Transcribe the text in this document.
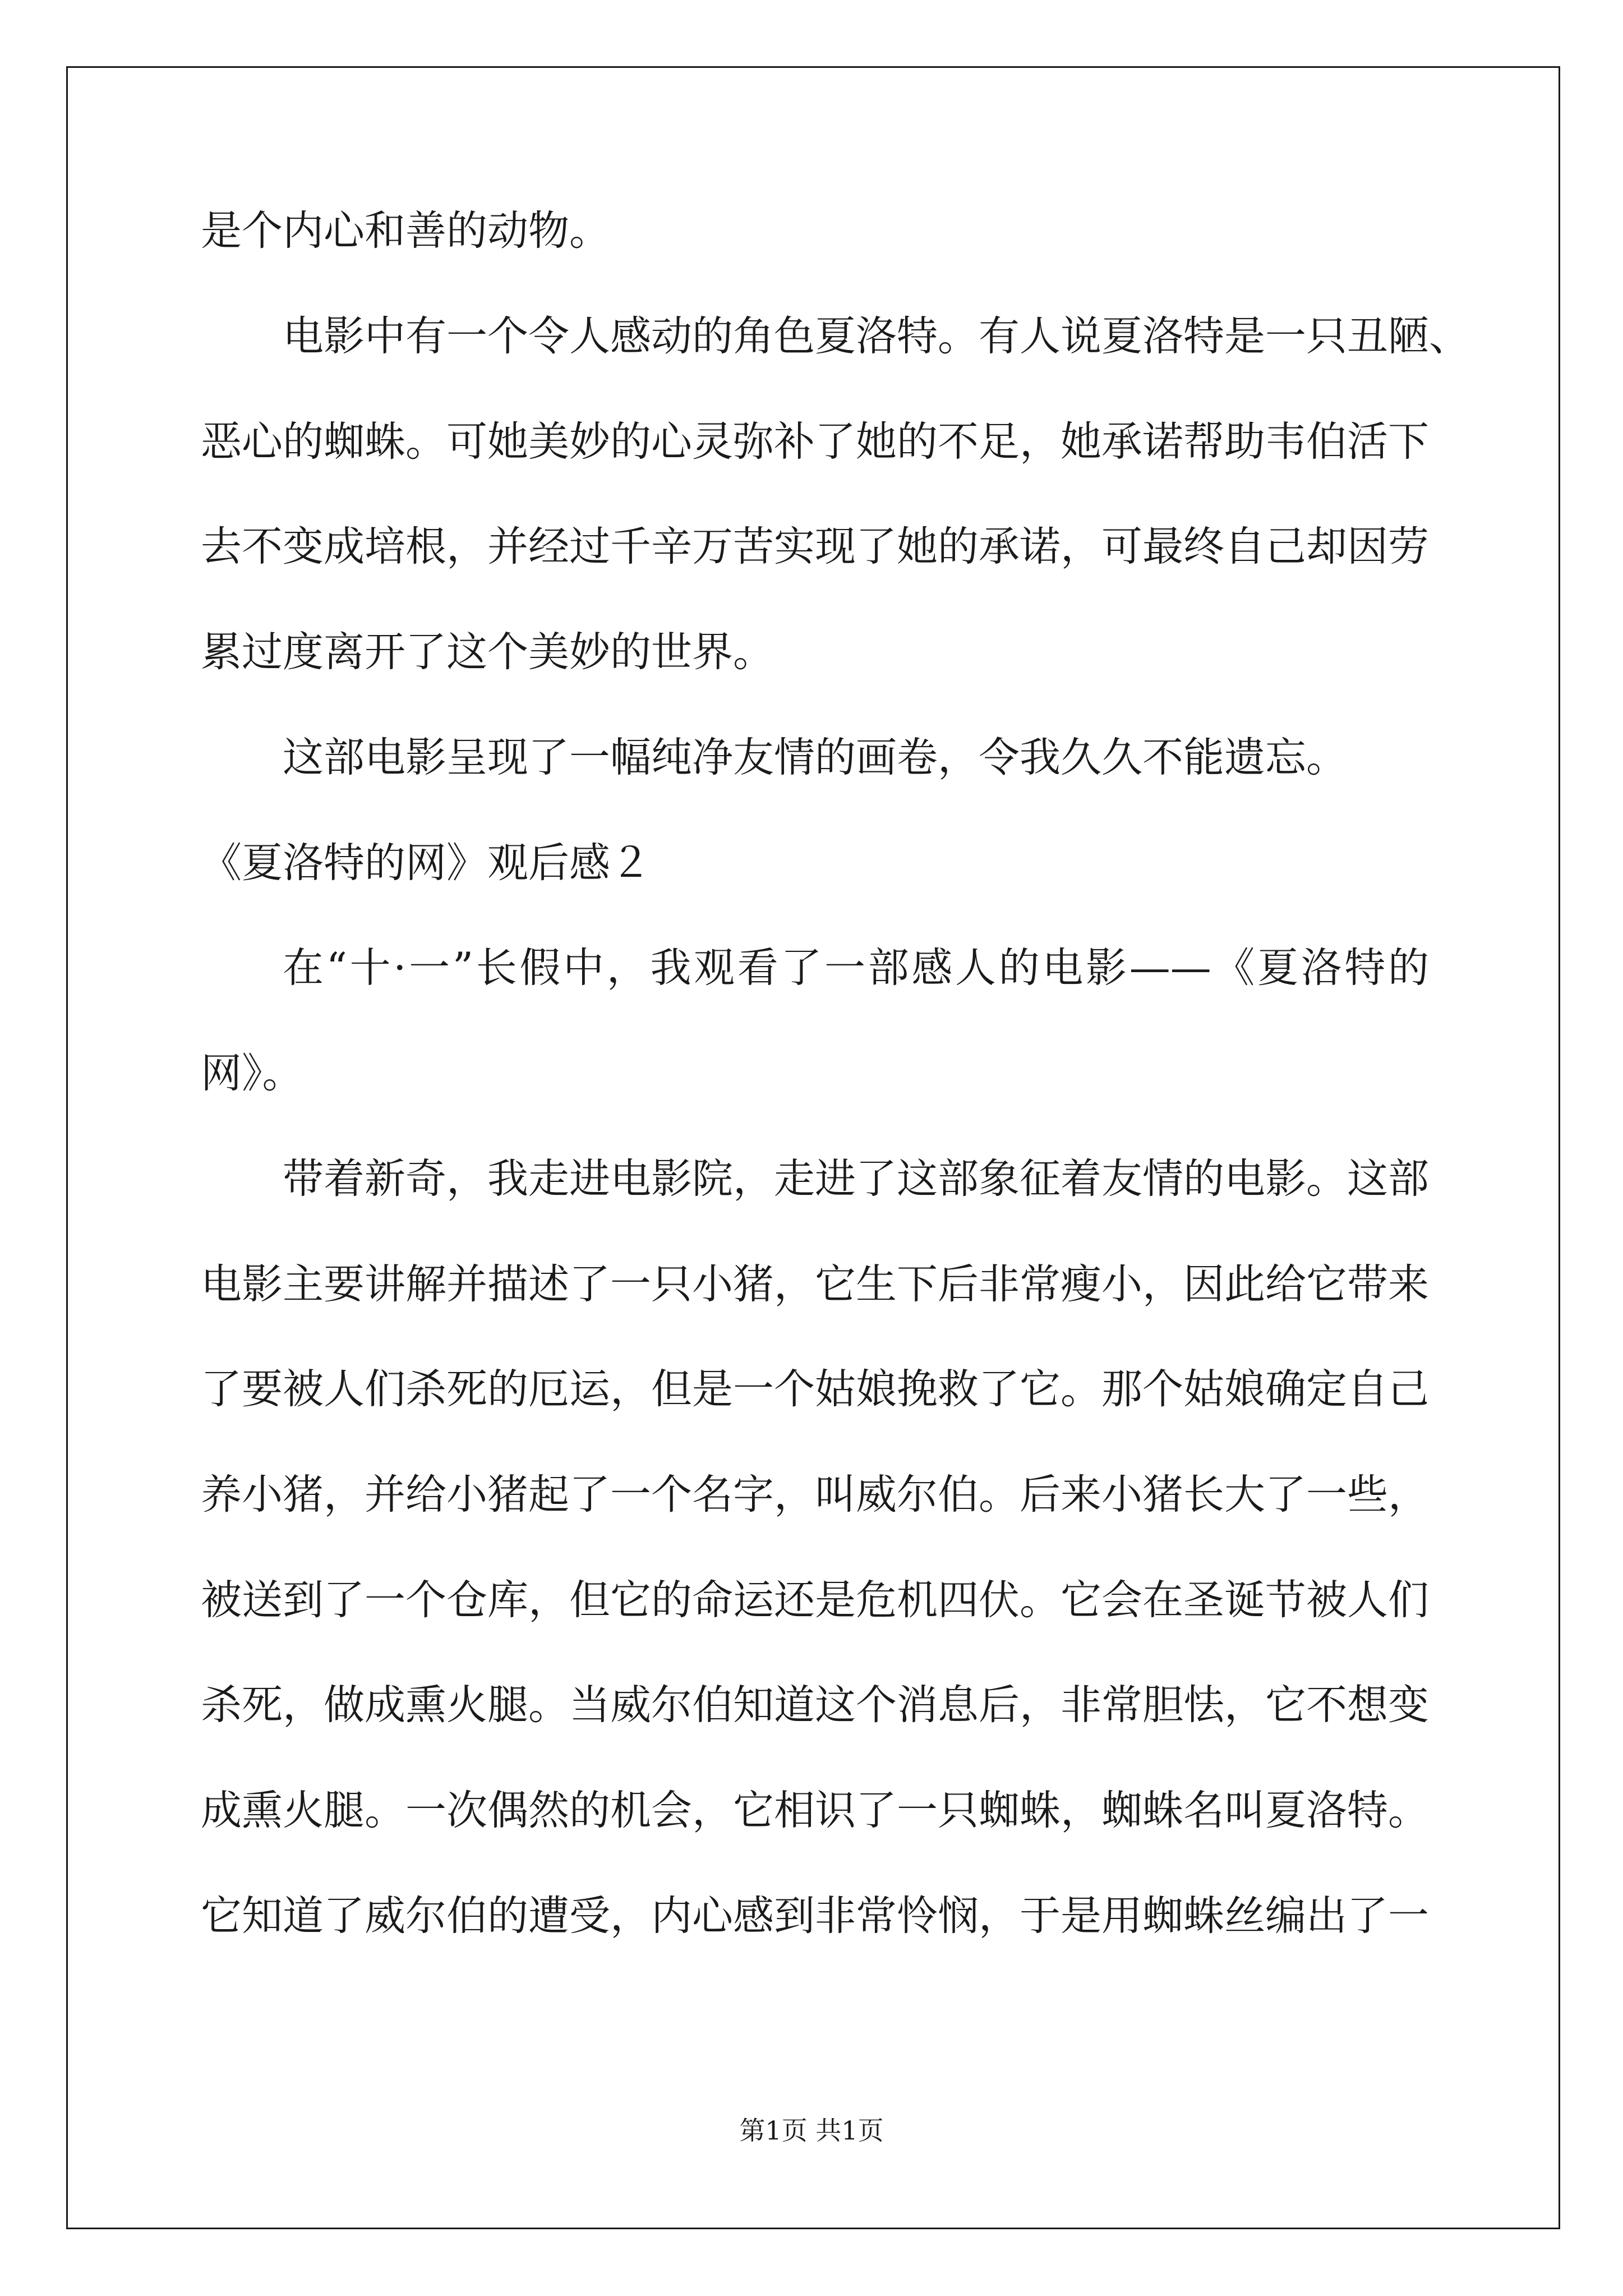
是个内心和善的动物。
电影中有一个令人感动的角色夏洛特。有人说夏洛特是一只丑陋、
恶心的蜘蛛。可她美妙的心灵弥补了她的不足，她承诺帮助韦伯活下
去不变成培根，并经过千辛万苦实现了她的承诺，可最终自己却因劳
累过度离开了这个美妙的世界。
这部电影呈现了一幅纯净友情的画卷，令我久久不能遗忘。
《夏洛特的网》观后感２
在“十·一”长假中，我观看了一部感人的电影——《夏洛特的
网》。
带着新奇，我走进电影院，走进了这部象征着友情的电影。这部
电影主要讲解并描述了一只小猪，它生下后非常瘦小，因此给它带来
了要被人们杀死的厄运，但是一个姑娘挽救了它。那个姑娘确定自己
养小猪，并给小猪起了一个名字，叫威尔伯。后来小猪长大了一些，
被送到了一个仓库，但它的命运还是危机四伏。它会在圣诞节被人们
杀死，做成熏火腿。当威尔伯知道这个消息后，非常胆怯，它不想变
成熏火腿。一次偶然的机会，它相识了一只蜘蛛，蜘蛛名叫夏洛特。
它知道了威尔伯的遭受，内心感到非常怜悯，于是用蜘蛛丝编出了一
第1页 共1页
